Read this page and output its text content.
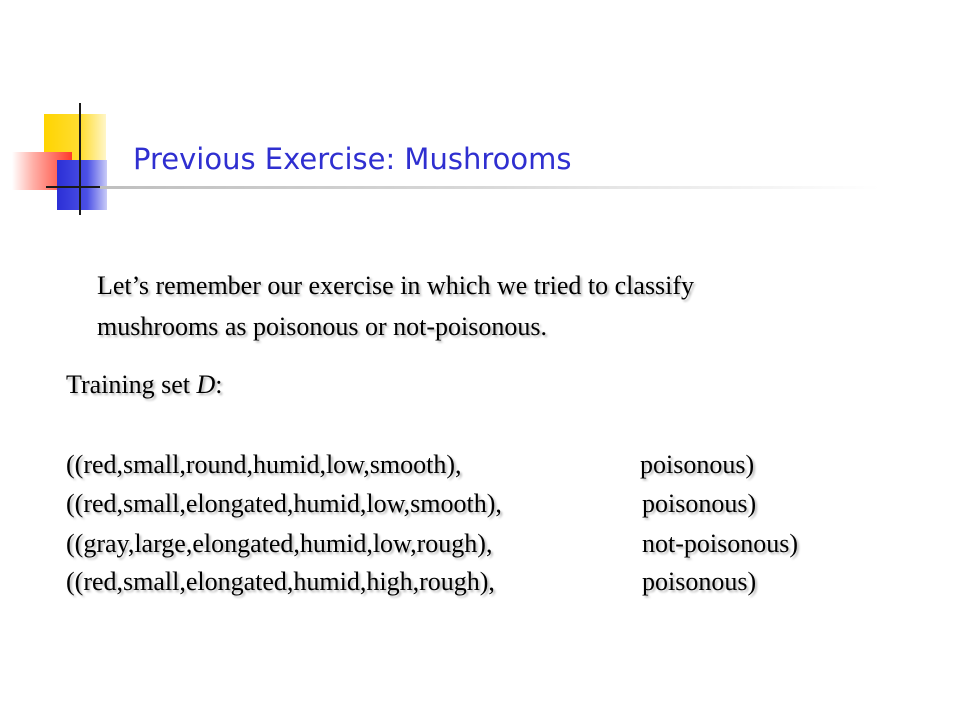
Previous Exercise: Mushrooms
Let’s remember our exercise in which we tried to classify
mushrooms as poisonous or not-poisonous.
Training set D:
((red,small,round,humid,low,smooth),	poisonous)
((red,small,elongated,humid,low,smooth),	poisonous)
((gray,large,elongated,humid,low,rough),	not-poisonous)
((red,small,elongated,humid,high,rough),	poisonous)
